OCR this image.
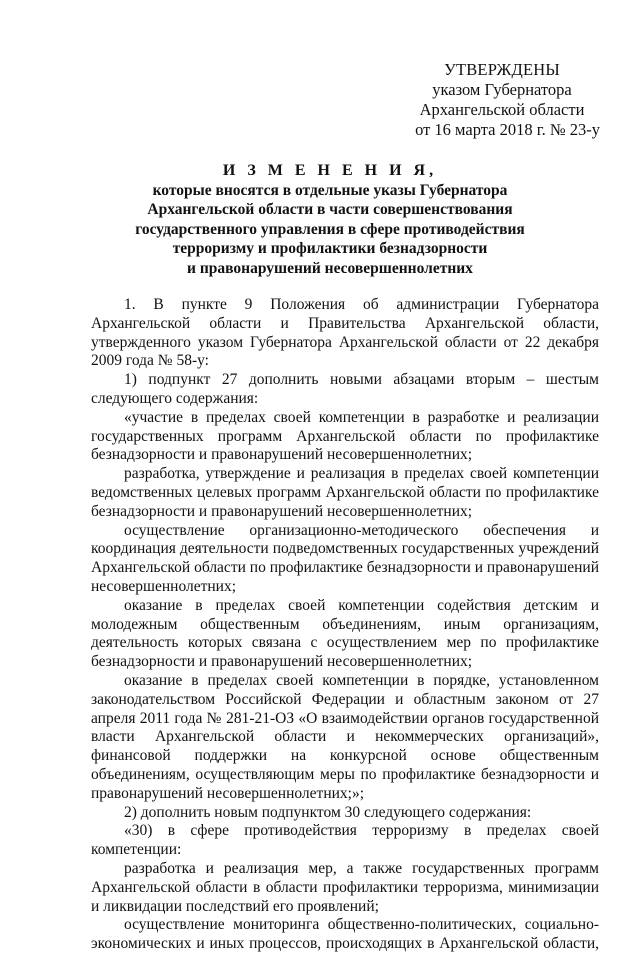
УТВЕРЖДЕНЫ
указом Губернатора
Архангельской области
от 16 марта 2018 г. № 23-у
И З М Е Н Е Н И Я,
которые вносятся в отдельные указы Губернатора
Архангельской области в части совершенствования
государственного управления в сфере противодействия
терроризму и профилактики безнадзорности
и правонарушений несовершеннолетних

1. В пункте 9 Положения об администрации Губернатора Архангельской области и Правительства Архангельской области, утвержденного указом Губернатора Архангельской области от 22 декабря 2009 года № 58-у:

1) подпункт 27 дополнить новыми абзацами вторым – шестым следующего содержания:

«участие в пределах своей компетенции в разработке и реализации государственных программ Архангельской области по профилактике безнадзорности и правонарушений несовершеннолетних;

разработка, утверждение и реализация в пределах своей компетенции ведомственных целевых программ Архангельской области по профилактике безнадзорности и правонарушений несовершеннолетних;

осуществление организационно-методического обеспечения и координация деятельности подведомственных государственных учреждений Архангельской области по профилактике безнадзорности и правонарушений несовершеннолетних;

оказание в пределах своей компетенции содействия детским и молодежным общественным объединениям, иным организациям, деятельность которых связана с осуществлением мер по профилактике безнадзорности и правонарушений несовершеннолетних;

оказание в пределах своей компетенции в порядке, установленном законодательством Российской Федерации и областным законом от 27 апреля 2011 года № 281-21-ОЗ «О взаимодействии органов государственной власти Архангельской области и некоммерческих организаций», финансовой поддержки на конкурсной основе общественным объединениям, осуществляющим меры по профилактике безнадзорности и правонарушений несовершеннолетних;»;

2) дополнить новым подпунктом 30 следующего содержания:

«30) в сфере противодействия терроризму в пределах своей компетенции:

разработка и реализация мер, а также государственных программ Архангельской области в области профилактики терроризма, минимизации и ликвидации последствий его проявлений;

осуществление мониторинга общественно-политических, социально-экономических и иных процессов, происходящих в Архангельской области,
